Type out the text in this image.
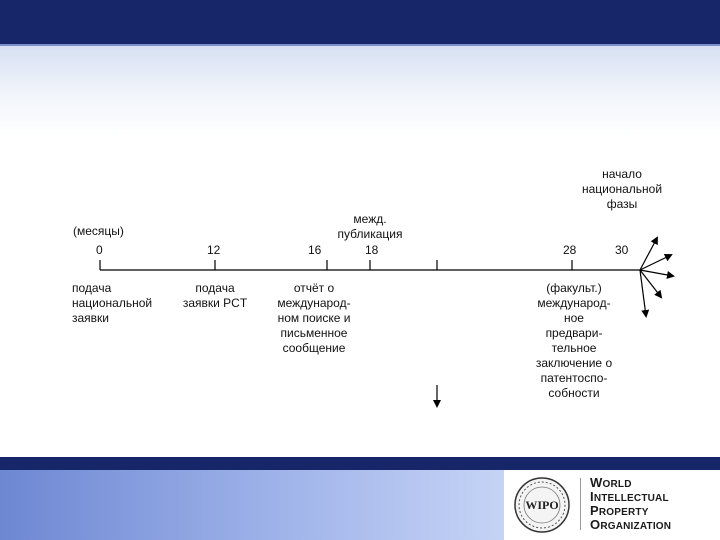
(месяцы)
0	12	16	18	28	30
межд.
публикация
начало
национальной
фазы
подача
национальной
заявки
подача
заявки PCT
отчёт о
международ-
ном поиске и
письменное
сообщение
(факульт.)
международ-
ное
предвари-
тельное
заключение о
патентоспо-
собности
WIPO
WORLD
INTELLECTUAL
PROPERTY
ORGANIZATION
